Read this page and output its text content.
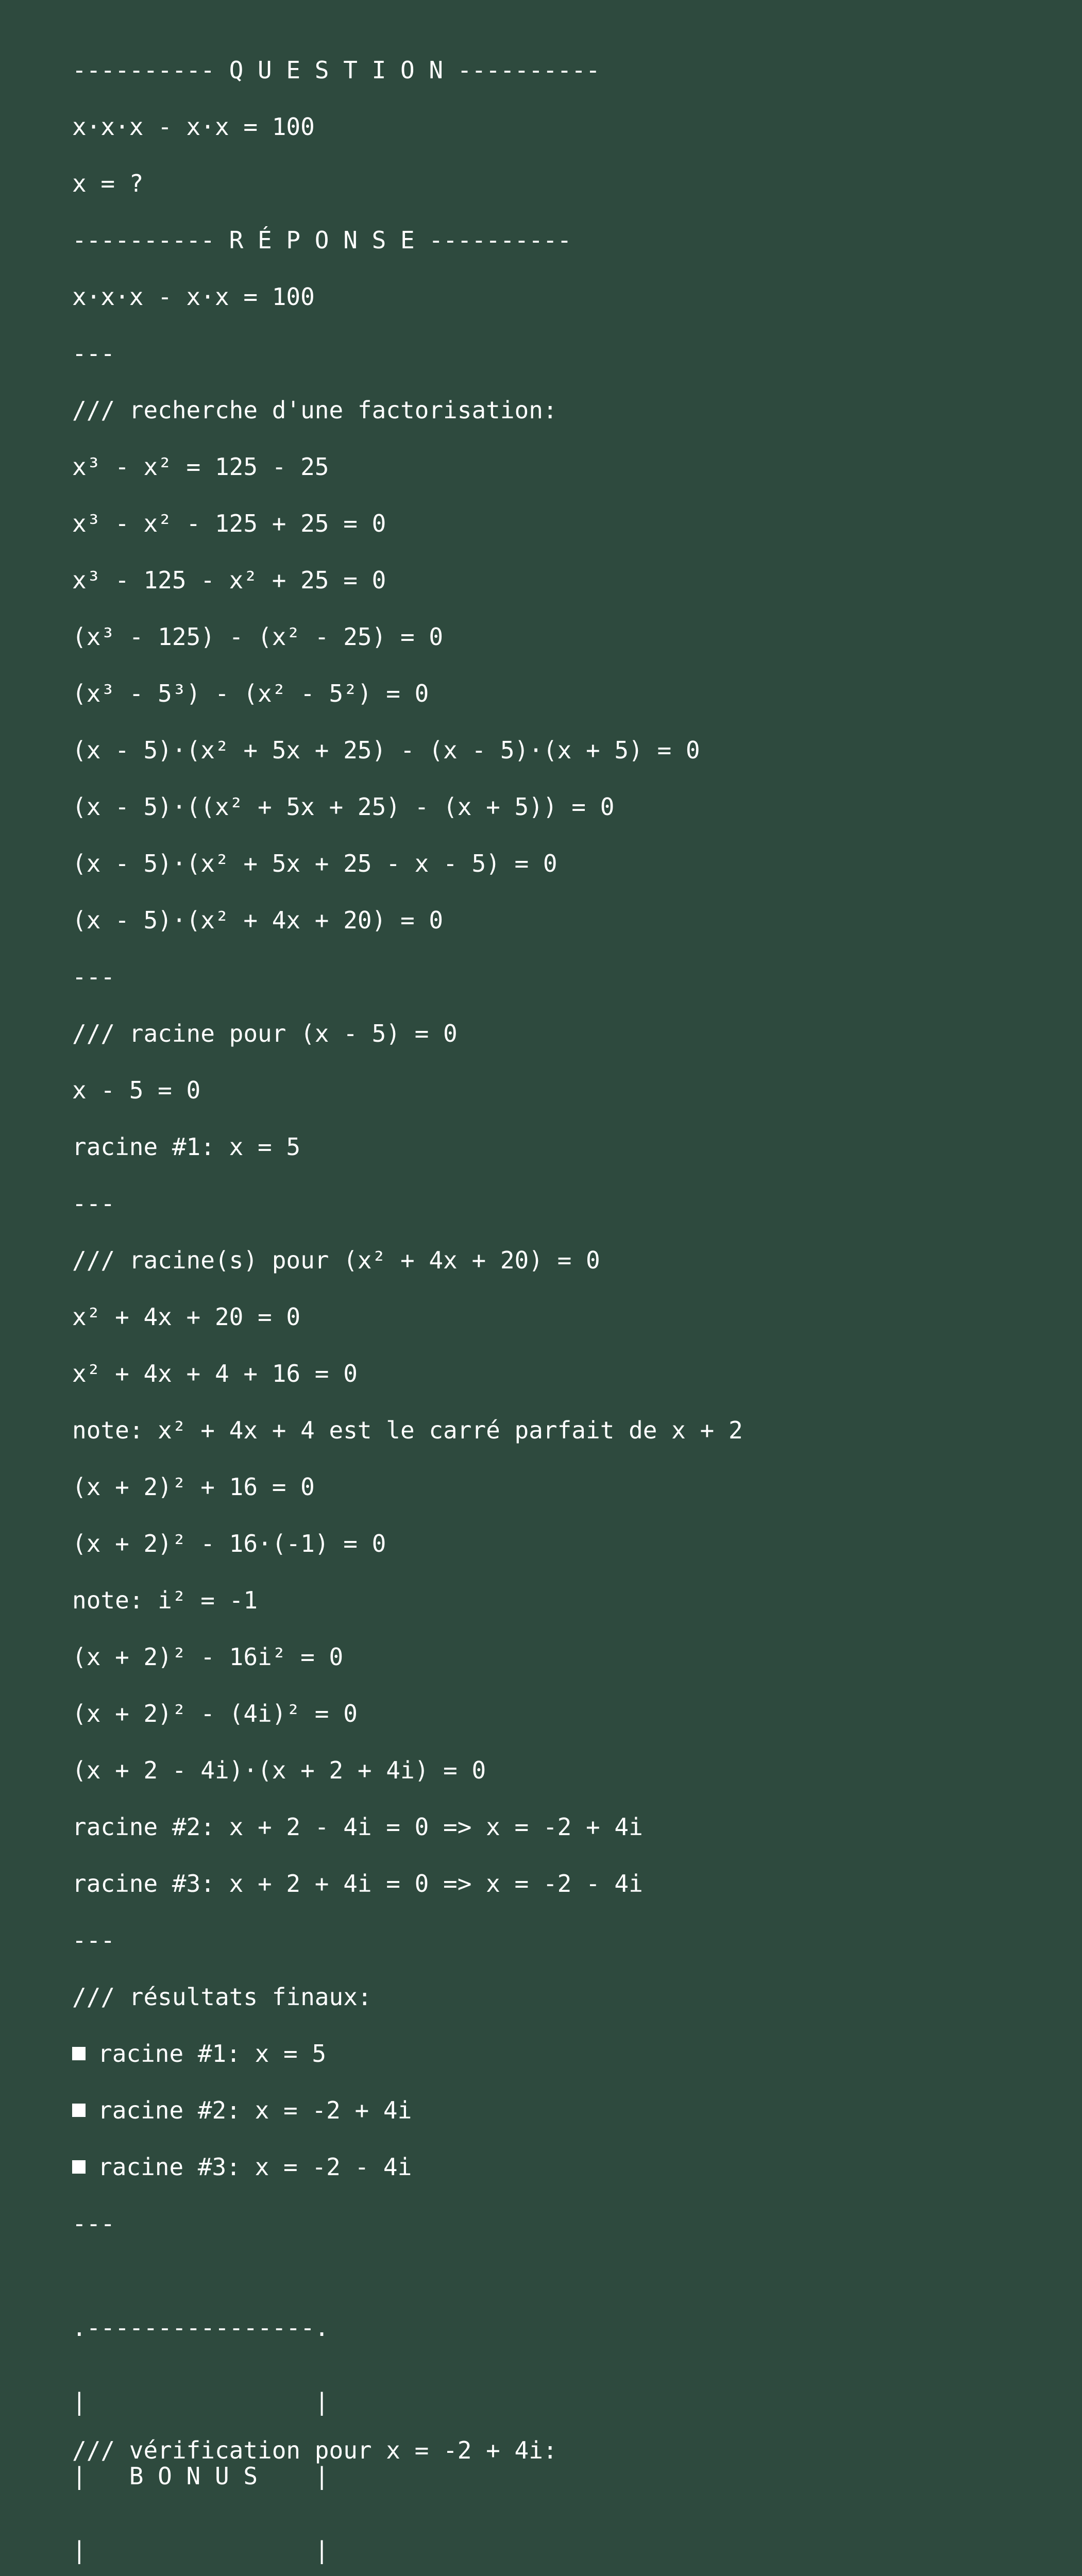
---------- Q U E S T I O N ----------
x·x·x - x·x = 100
x = ?
---------- R É P O N S E ----------
x·x·x - x·x = 100
---
/// recherche d'une factorisation:
x³ - x² = 125 - 25
x³ - x² - 125 + 25 = 0
x³ - 125 - x² + 25 = 0
(x³ - 125) - (x² - 25) = 0
(x³ - 5³) - (x² - 5²) = 0
(x - 5)·(x² + 5x + 25) - (x - 5)·(x + 5) = 0
(x - 5)·((x² + 5x + 25) - (x + 5)) = 0
(x - 5)·(x² + 5x + 25 - x - 5) = 0
(x - 5)·(x² + 4x + 20) = 0
---
/// racine pour (x - 5) = 0
x - 5 = 0
racine #1: x = 5
---
/// racine(s) pour (x² + 4x + 20) = 0
x² + 4x + 20 = 0
x² + 4x + 4 + 16 = 0
note: x² + 4x + 4 est le carré parfait de x + 2
(x + 2)² + 16 = 0
(x + 2)² - 16·(-1) = 0
note: i² = -1
(x + 2)² - 16i² = 0
(x + 2)² - (4i)² = 0
(x + 2 - 4i)·(x + 2 + 4i) = 0
racine #2: x + 2 - 4i = 0 => x = -2 + 4i
racine #3: x + 2 + 4i = 0 => x = -2 - 4i
---
/// résultats finaux:
racine #1: x = 5
racine #2: x = -2 + 4i
racine #3: x = -2 - 4i
---

.----------------.

|                |

|   B O N U S    |

|                |

/// vérification pour x = -2 + 4i:
